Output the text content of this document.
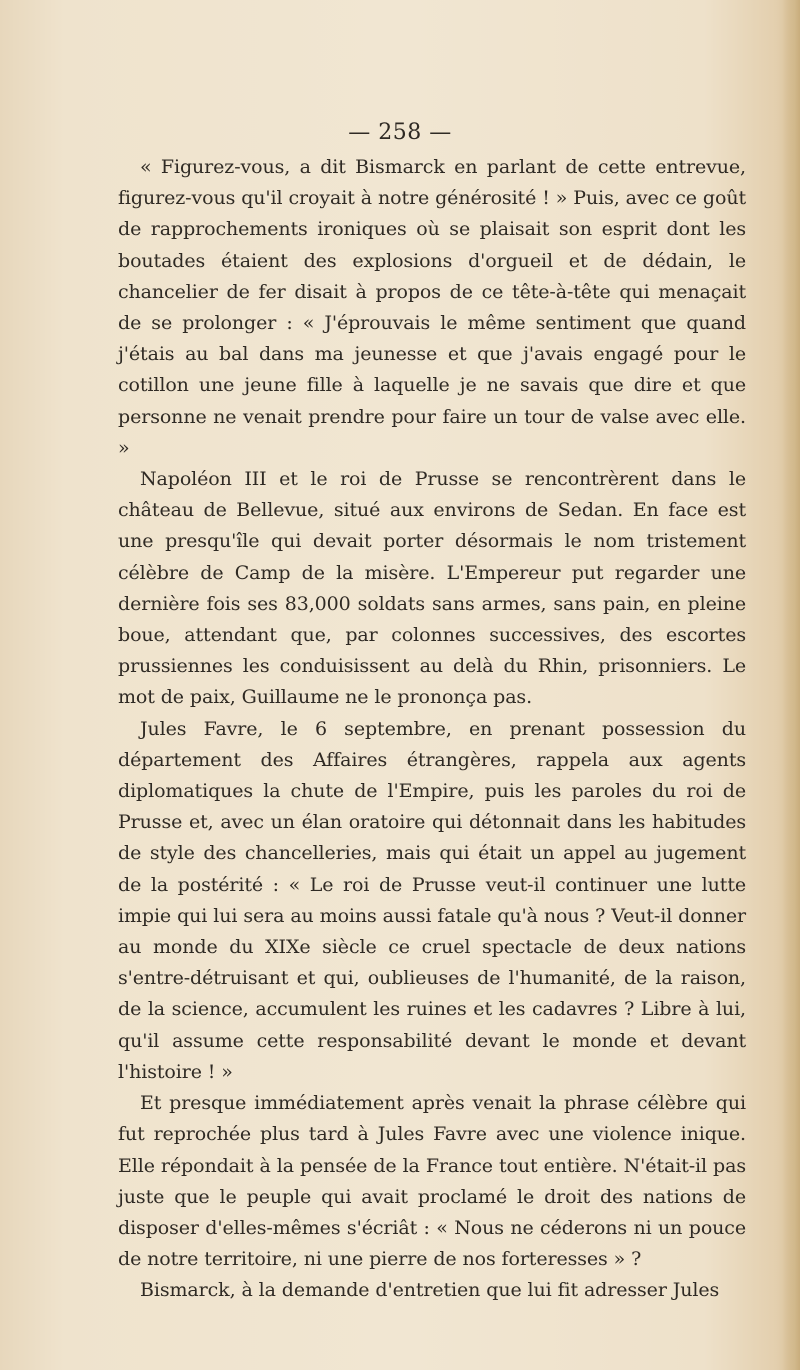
— 258 —

« Figurez-vous, a dit Bismarck en parlant de cette entrevue, figurez-vous qu'il croyait à notre générosité ! » Puis, avec ce goût de rapprochements ironiques où se plaisait son esprit dont les boutades étaient des explosions d'orgueil et de dédain, le chancelier de fer disait à propos de ce tête-à-tête qui menaçait de se prolonger : « J'éprouvais le même sentiment que quand j'étais au bal dans ma jeunesse et que j'avais engagé pour le cotillon une jeune fille à laquelle je ne savais que dire et que personne ne venait prendre pour faire un tour de valse avec elle. »

Napoléon III et le roi de Prusse se rencontrèrent dans le château de Bellevue, situé aux environs de Sedan. En face est une presqu'île qui devait porter désormais le nom tristement célèbre de Camp de la misère. L'Empereur put regarder une dernière fois ses 83,000 soldats sans armes, sans pain, en pleine boue, attendant que, par colonnes successives, des escortes prussiennes les conduisissent au delà du Rhin, prisonniers. Le mot de paix, Guillaume ne le prononça pas.

Jules Favre, le 6 septembre, en prenant possession du département des Affaires étrangères, rappela aux agents diplomatiques la chute de l'Empire, puis les paroles du roi de Prusse et, avec un élan oratoire qui détonnait dans les habitudes de style des chancelleries, mais qui était un appel au jugement de la postérité : « Le roi de Prusse veut-il continuer une lutte impie qui lui sera au moins aussi fatale qu'à nous ? Veut-il donner au monde du XIXe siècle ce cruel spectacle de deux nations s'entre-détruisant et qui, oublieuses de l'humanité, de la raison, de la science, accumulent les ruines et les cadavres ? Libre à lui, qu'il assume cette responsabilité devant le monde et devant l'histoire ! »

Et presque immédiatement après venait la phrase célèbre qui fut reprochée plus tard à Jules Favre avec une violence inique. Elle répondait à la pensée de la France tout entière. N'était-il pas juste que le peuple qui avait proclamé le droit des nations de disposer d'elles-mêmes s'écriât : « Nous ne céderons ni un pouce de notre territoire, ni une pierre de nos forteresses » ?

Bismarck, à la demande d'entretien que lui fit adresser Jules
